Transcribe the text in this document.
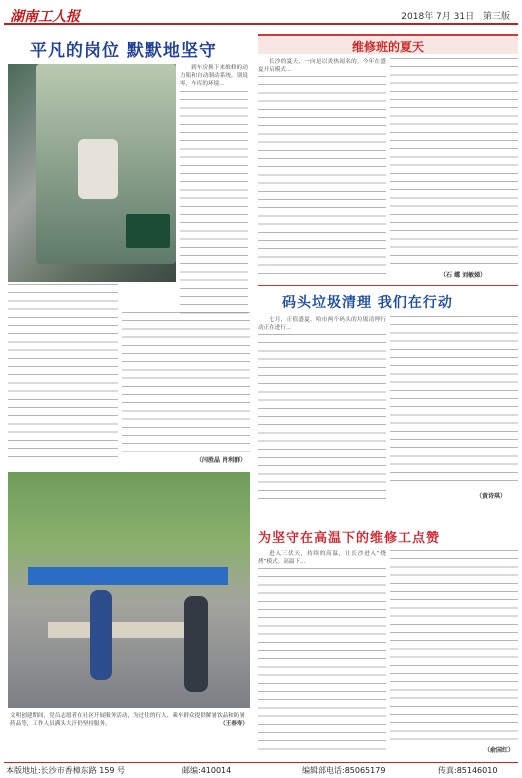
湖南工人报	2018年 7月 31日 第三版
平凡的岗位 默默地坚守

到车房换下来维修的动力瓶和自动制动系统，别说零，车库的环境…

（闫胜晶 肖利群）
维修班的夏天

长沙的夏天，一向是以炎热闻名的。今年在盛夏开启模式…

（石 蝶 刘敏娣）
码头垃圾清理 我们在行动

七月，正值盛夏，哈市两个码头的垃圾清理行动正在进行…

（黄诗琪）
为坚守在高温下的维修工点赞

进入三伏天，持续的高温，让长沙进入“烧烤”模式。高温下…

（俞国红）
文明创建期间，党员志愿者在社区开展服务活动，为过往的行人、乘车群众提供解暑饮品和防暑药品等，工作人员满头大汗仍坚持服务。	（王春寿）
本版地址:长沙市香樟东路 159 号	邮编:410014	编辑部电话:85065179	传真:85146010
